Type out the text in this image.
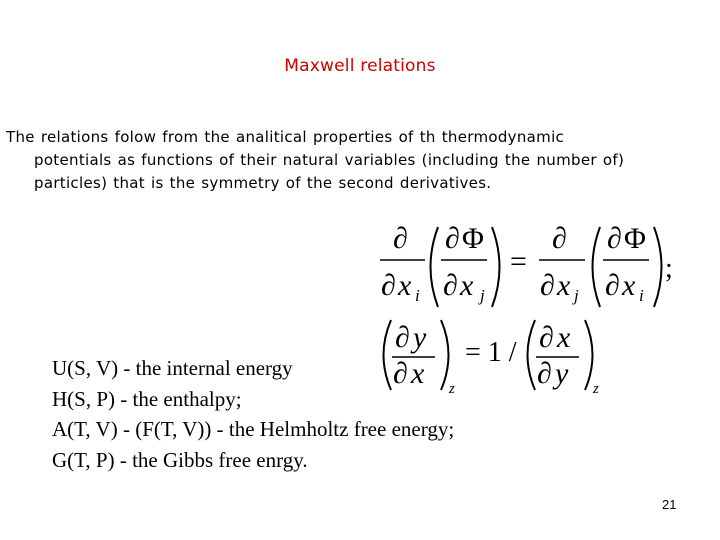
Maxwell relations
The relations folow from the analitical properties of th thermodynamic
potentials as functions of their natural variables (including the number of)
particles) that is the symmetry of the second derivatives.
∂
∂ x i
∂ Φ
∂ x j
=
∂
∂ x j
∂ Φ
∂ x i
;
∂ y
∂ x z
= 1 / ∂ x
∂ y z
U(S, V) - the internal energy
H(S, P) - the enthalpy;
A(T, V) - (F(T, V)) - the Helmholtz free energy;
G(T, P) - the Gibbs free enrgy.
21
